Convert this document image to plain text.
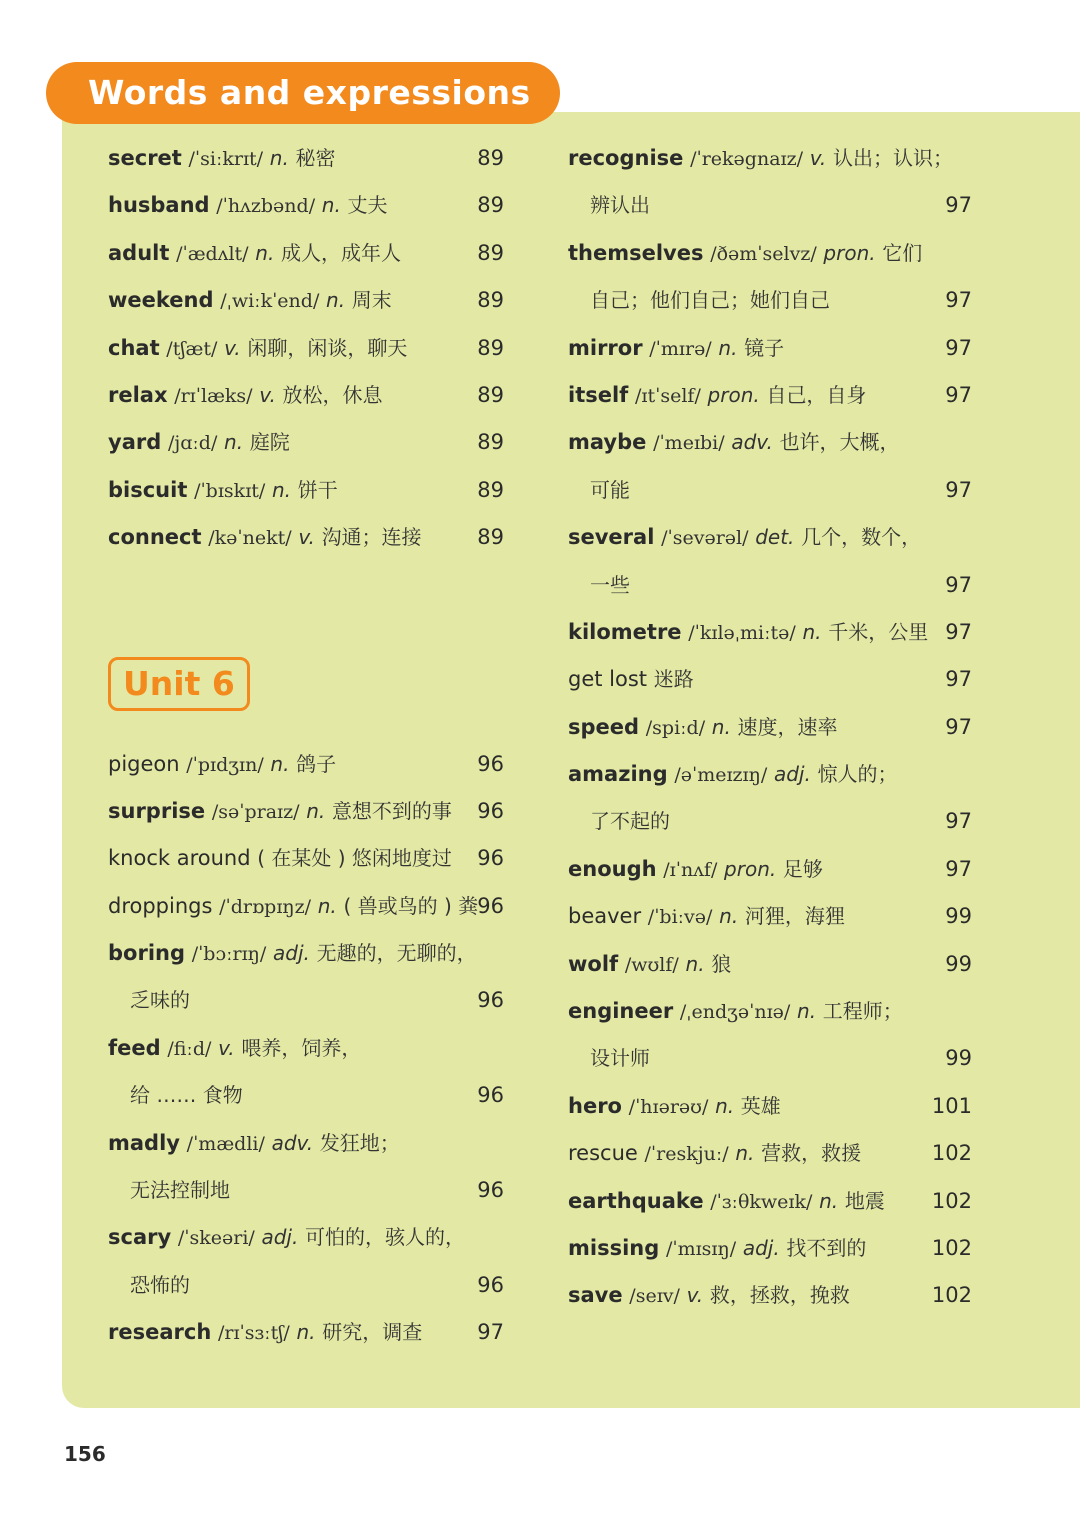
Words and expressions
secret /ˈsiːkrɪt/ n. 秘密	89
husband /ˈhʌzbənd/ n. 丈夫	89
adult /ˈædʌlt/ n. 成人，成年人	89
weekend /ˌwiːkˈend/ n. 周末	89
chat /tʃæt/ v. 闲聊，闲谈，聊天	89
relax /rɪˈlæks/ v. 放松，休息	89
yard /jɑːd/ n. 庭院	89
biscuit /ˈbɪskɪt/ n. 饼干	89
connect /kəˈnekt/ v. 沟通；连接	89
Unit 6
pigeon /ˈpɪdʒɪn/ n. 鸽子	96
surprise /səˈpraɪz/ n. 意想不到的事 96
knock around ( 在某处 ) 悠闲地度过 96
droppings /ˈdrɒpɪŋz/ n. ( 兽或鸟的 ) 粪 96
boring /ˈbɔːrɪŋ/ adj. 无趣的，无聊的，
乏味的	96
feed /fiːd/ v. 喂养，饲养，
给 …… 食物	96
madly /ˈmædli/ adv. 发狂地；
无法控制地	96
scary /ˈskeəri/ adj. 可怕的，骇人的，
恐怖的	96
research /rɪˈsɜːtʃ/ n. 研究，调查	97
recognise /ˈrekəgnaɪz/ v. 认出；认识；
辨认出	97
themselves /ðəmˈselvz/ pron. 它们
自己；他们自己；她们自己	97
mirror /ˈmɪrə/ n. 镜子	97
itself /ɪtˈself/ pron. 自己，自身	97
maybe /ˈmeɪbi/ adv. 也许，大概，
可能	97
several /ˈsevərəl/ det. 几个，数个，
一些	97
kilometre /ˈkɪləˌmiːtə/ n. 千米，公里 97
get lost 迷路	97
speed /spiːd/ n. 速度，速率	97
amazing /əˈmeɪzɪŋ/ adj. 惊人的；
了不起的	97
enough /ɪˈnʌf/ pron. 足够	97
beaver /ˈbiːvə/ n. 河狸，海狸	99
wolf /wʊlf/ n. 狼	99
engineer /ˌendʒəˈnɪə/ n. 工程师；
设计师	99
hero /ˈhɪərəʊ/ n. 英雄	101
rescue /ˈreskjuː/ n. 营救，救援	102
earthquake /ˈɜːθkweɪk/ n. 地震 102
missing /ˈmɪsɪŋ/ adj. 找不到的	102
save /seɪv/ v. 救，拯救，挽救	102
156
